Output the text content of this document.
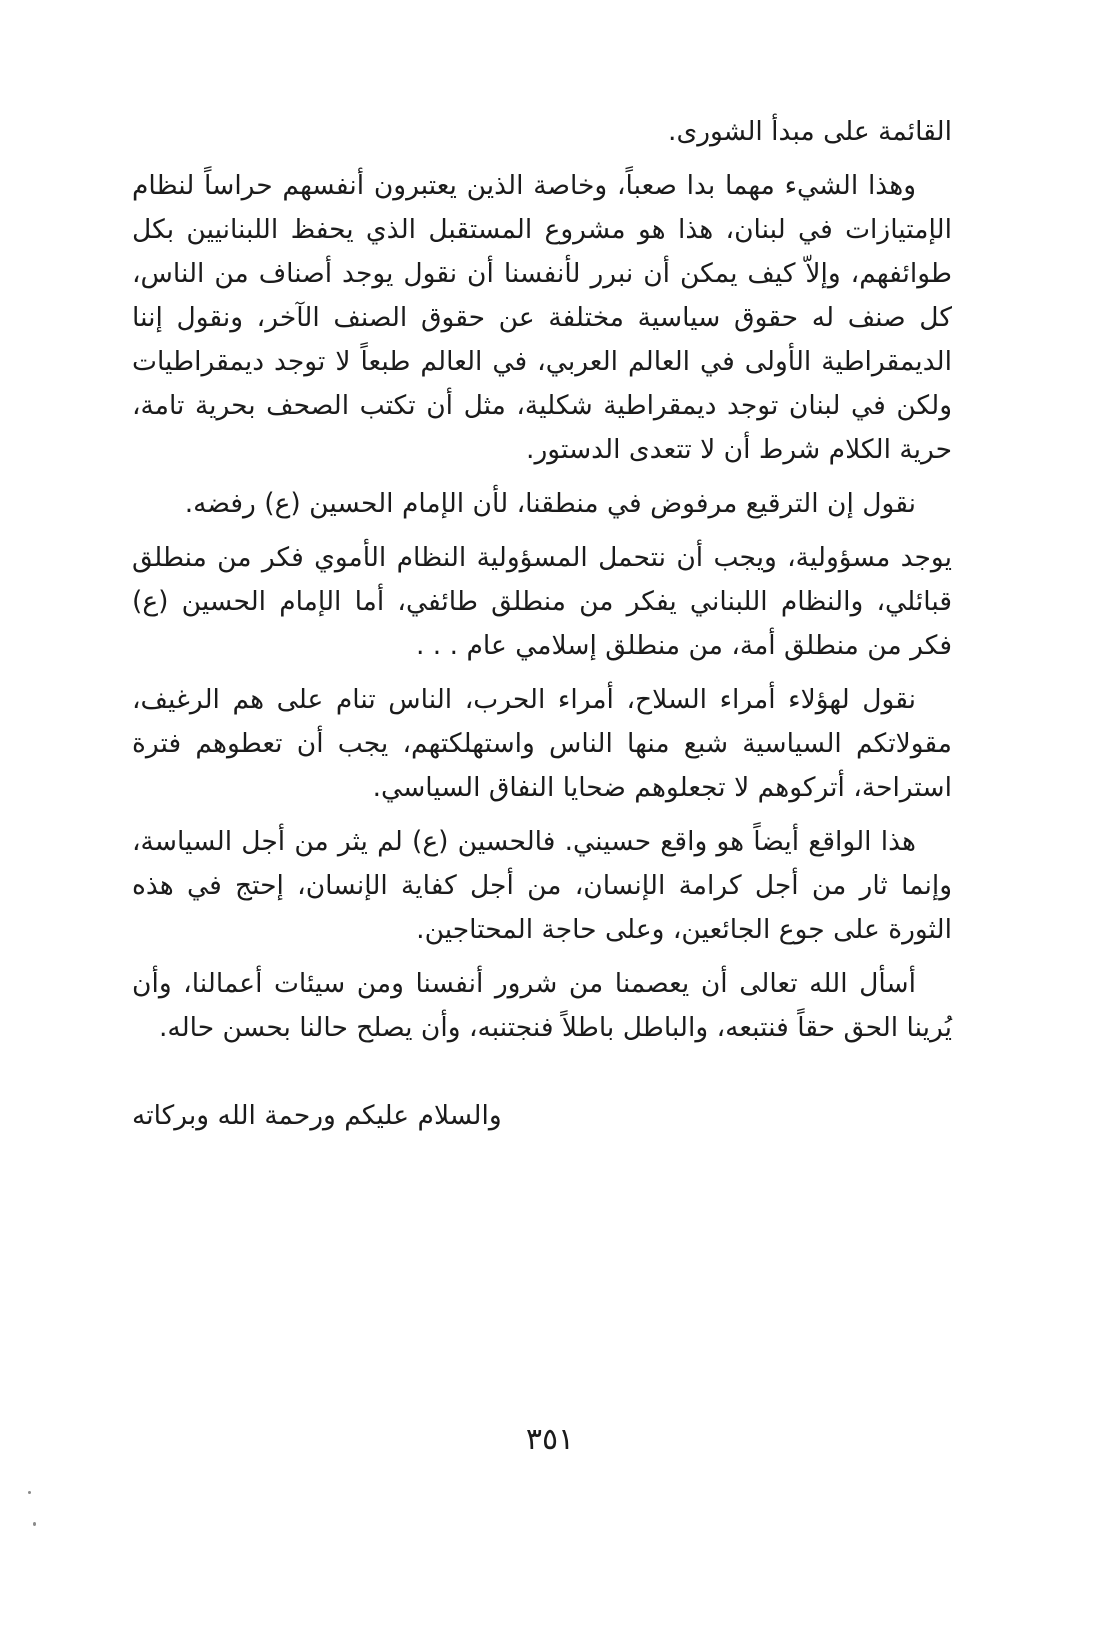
القائمة على مبدأ الشورى.

وهذا الشيء مهما بدا صعباً، وخاصة الذين يعتبرون أنفسهم حراساً لنظام الإمتيازات في لبنان، هذا هو مشروع المستقبل الذي يحفظ اللبنانيين بكل طوائفهم، وإلاّ كيف يمكن أن نبرر لأنفسنا أن نقول يوجد أصناف من الناس، كل صنف له حقوق سياسية مختلفة عن حقوق الصنف الآخر، ونقول إننا الديمقراطية الأولى في العالم العربي، في العالم طبعاً لا توجد ديمقراطيات ولكن في لبنان توجد ديمقراطية شكلية، مثل أن تكتب الصحف بحرية تامة، حرية الكلام شرط أن لا تتعدى الدستور.

نقول إن الترقيع مرفوض في منطقنا، لأن الإمام الحسين (ع) رفضه.

يوجد مسؤولية، ويجب أن نتحمل المسؤولية النظام الأموي فكر من منطلق قبائلي، والنظام اللبناني يفكر من منطلق طائفي، أما الإمام الحسين (ع) فكر من منطلق أمة، من منطلق إسلامي عام . . .

نقول لهؤلاء أمراء السلاح، أمراء الحرب، الناس تنام على هم الرغيف، مقولاتكم السياسية شبع منها الناس واستهلكتهم، يجب أن تعطوهم فترة استراحة، أتركوهم لا تجعلوهم ضحايا النفاق السياسي.

هذا الواقع أيضاً هو واقع حسيني. فالحسين (ع) لم يثر من أجل السياسة، وإنما ثار من أجل كرامة الإنسان، من أجل كفاية الإنسان، إحتج في هذه الثورة على جوع الجائعين، وعلى حاجة المحتاجين.

أسأل الله تعالى أن يعصمنا من شرور أنفسنا ومن سيئات أعمالنا، وأن يُرينا الحق حقاً فنتبعه، والباطل باطلاً فنجتنبه، وأن يصلح حالنا بحسن حاله.

والسلام عليكم ورحمة الله وبركاته

٣٥١
